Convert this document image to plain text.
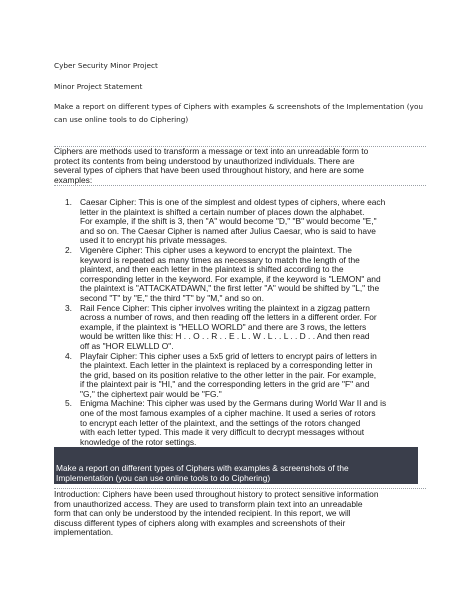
Cyber Security Minor Project
Minor Project Statement
Make a report on different types of Ciphers with examples & screenshots of the Implementation (you
can use online tools to do Ciphering)
Ciphers are methods used to transform a message or text into an unreadable form to
protect its contents from being understood by unauthorized individuals. There are
several types of ciphers that have been used throughout history, and here are some
examples:
1. Caesar Cipher: This is one of the simplest and oldest types of ciphers, where each
letter in the plaintext is shifted a certain number of places down the alphabet.
For example, if the shift is 3, then "A" would become "D," "B" would become "E,"
and so on. The Caesar Cipher is named after Julius Caesar, who is said to have
used it to encrypt his private messages.
2. Vigenère Cipher: This cipher uses a keyword to encrypt the plaintext. The
keyword is repeated as many times as necessary to match the length of the
plaintext, and then each letter in the plaintext is shifted according to the
corresponding letter in the keyword. For example, if the keyword is "LEMON" and
the plaintext is "ATTACKATDAWN," the first letter "A" would be shifted by "L," the
second "T" by "E," the third "T" by "M," and so on.
3. Rail Fence Cipher: This cipher involves writing the plaintext in a zigzag pattern
across a number of rows, and then reading off the letters in a different order. For
example, if the plaintext is "HELLO WORLD" and there are 3 rows, the letters
would be written like this: H . . O . . R . . E . L . W . L . . L . . D . . And then read
off as "HOR ELWLLD O".
4. Playfair Cipher: This cipher uses a 5x5 grid of letters to encrypt pairs of letters in
the plaintext. Each letter in the plaintext is replaced by a corresponding letter in
the grid, based on its position relative to the other letter in the pair. For example,
if the plaintext pair is "HI," and the corresponding letters in the grid are "F" and
"G," the ciphertext pair would be "FG."
5. Enigma Machine: This cipher was used by the Germans during World War II and is
one of the most famous examples of a cipher machine. It used a series of rotors
to encrypt each letter of the plaintext, and the settings of the rotors changed
with each letter typed. This made it very difficult to decrypt messages without
knowledge of the rotor settings.
Make a report on different types of Ciphers with examples & screenshots of the
Implementation (you can use online tools to do Ciphering)
Introduction: Ciphers have been used throughout history to protect sensitive information
from unauthorized access. They are used to transform plain text into an unreadable
form that can only be understood by the intended recipient. In this report, we will
discuss different types of ciphers along with examples and screenshots of their
implementation.
